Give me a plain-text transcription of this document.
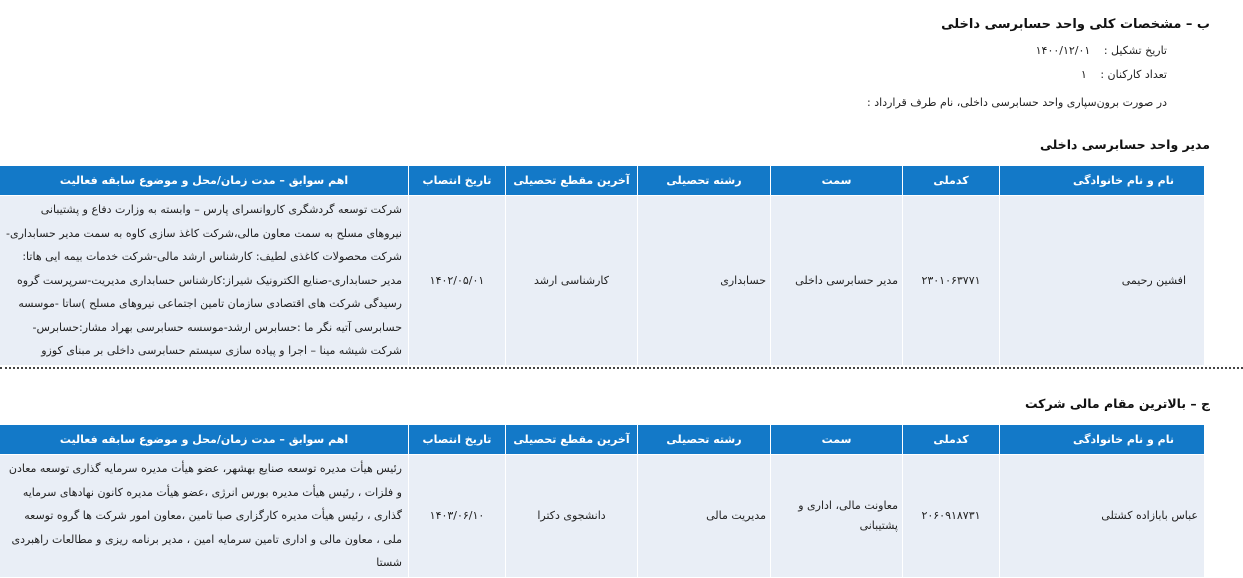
ب – مشخصات کلی واحد حسابرسی داخلی
تاریخ تشکیل : ۱۴۰۰/۱۲/۰۱
تعداد کارکنان : ۱
در صورت برون‌سپاری واحد حسابرسی داخلی، نام طرف قرارداد :
مدیر واحد حسابرسی داخلی
نام و نام خانوادگی	کدملی	سمت	رشته تحصیلی	آخرین مقطع تحصیلی	تاریخ انتصاب	اهم سوابق – مدت زمان/محل و موضوع سابقه فعالیت
افشین رحیمی	۲۳۰۱۰۶۳۷۷۱	مدیر حسابرسی داخلی	حسابداری	کارشناسی ارشد	۱۴۰۲/۰۵/۰۱	شرکت توسعه گردشگری کاروانسرای پارس – وابسته به وزارت دفاع و پشتیبانی نیروهای مسلح به سمت معاون مالی،شرکت کاغذ سازی کاوه به سمت مدیر حسابداری-شرکت محصولات کاغذی لطیف: کارشناس ارشد مالی-شرکت خدمات بیمه ایی هاتا: مدیر حسابداری-صنایع الکترونیک شیراز:کارشناس حسابداری مدیریت-سرپرست گروه رسیدگی شرکت های اقتصادی سازمان تامین اجتماعی نیروهای مسلح )ساتا -موسسه حسابرسی آتیه نگر ما :حسابرس ارشد-موسسه حسابرسی بهراد مشار:حسابرس-شرکت شیشه مینا – اجرا و پیاده سازی سیستم حسابرسی داخلی بر مبنای کوزو
ج – بالاترین مقام مالی شرکت
نام و نام خانوادگی	کدملی	سمت	رشته تحصیلی	آخرین مقطع تحصیلی	تاریخ انتصاب	اهم سوابق – مدت زمان/محل و موضوع سابقه فعالیت
عباس بابازاده کشتلی	۲۰۶۰۹۱۸۷۳۱	معاونت مالی، اداری و پشتیبانی	مدیریت مالی	دانشجوی دکترا	۱۴۰۳/۰۶/۱۰	رئیس هیأت مدیره توسعه صنایع بهشهر، عضو هیأت مدیره سرمایه گذاری توسعه معادن و فلزات ، رئیس هیأت مدیره بورس انرژی ،عضو هیأت مدیره کانون نهادهای سرمایه گذاری ، رئیس هیأت مدیره کارگزاری صبا تامین ،معاون امور شرکت ها گروه توسعه ملی ، معاون مالی و اداری تامین سرمایه امین ، مدیر برنامه ریزی و مطالعات راهبردی شستا
